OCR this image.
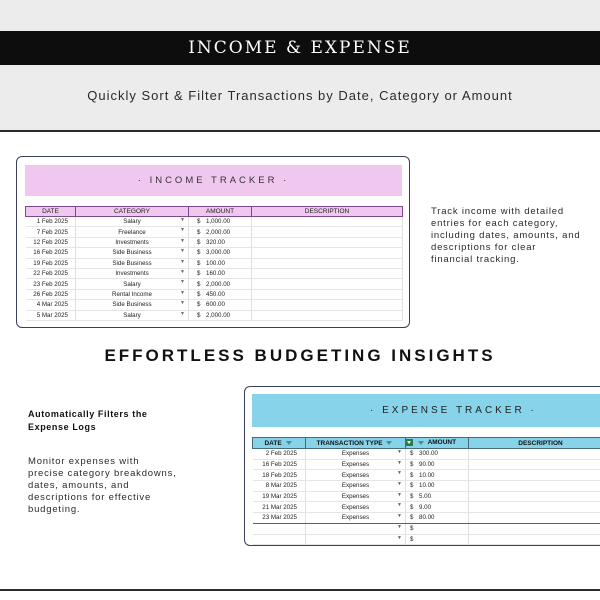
INCOME & EXPENSE
Quickly Sort & Filter Transactions by Date, Category or Amount
· INCOME TRACKER ·
DATE	CATEGORY	AMOUNT	DESCRIPTION	
1 Feb 2025	Salary ▼	$ 1,000.00		
7 Feb 2025	Freelance ▼	$ 2,000.00		
12 Feb 2025	Investments ▼	$ 320.00		
16 Feb 2025	Side Business ▼	$ 3,000.00		
19 Feb 2025	Side Business ▼	$ 100.00		
22 Feb 2025	Investments ▼	$ 160.00		
23 Feb 2025	Salary ▼	$ 2,000.00		
26 Feb 2025	Rental Income ▼	$ 450.00		
4 Mar 2025	Side Business ▼	$ 600.00		
5 Mar 2025	Salary ▼	$ 2,000.00		
Track income with detailed entries for each category, including dates, amounts, and descriptions for clear financial tracking.
EFFORTLESS BUDGETING INSIGHTS
Automatically Filters the Expense Logs
Monitor expenses with precise category breakdowns, dates, amounts, and descriptions for effective budgeting.
· EXPENSE TRACKER ·
DATE	TRANSACTION TYPE	AMOUNT	DESCRIPTION
2 Feb 2025	Expenses ▼	$ 300.00	
16 Feb 2025	Expenses ▼	$ 90.00	
18 Feb 2025	Expenses ▼	$ 10.00	
8 Mar 2025	Expenses ▼	$ 10.00	
19 Mar 2025	Expenses ▼	$ 5.00	
21 Mar 2025	Expenses ▼	$ 9.00	
23 Mar 2025	Expenses ▼	$ 80.00	

	▼	$	

	▼	$	
